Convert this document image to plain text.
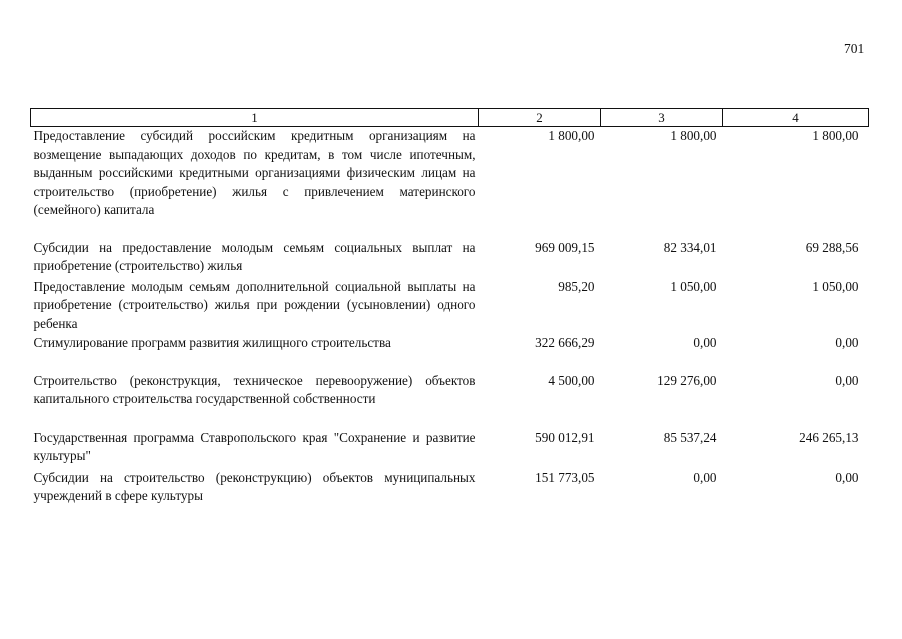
701
1	2	3	4
Предоставление субсидий российским кредитным организациям на возмещение выпадающих доходов по кредитам, в том числе ипотечным, выданным российскими кредитными организациями физическим лицам на строительство (приобретение) жилья с привлечением материнского (семейного) капитала	1 800,00	1 800,00	1 800,00
Субсидии на предоставление молодым семьям социальных выплат на приобретение (строительство) жилья	969 009,15	82 334,01	69 288,56
Предоставление молодым семьям дополнительной социальной выплаты на приобретение (строительство) жилья при рождении (усыновлении) одного ребенка	985,20	1 050,00	1 050,00
Стимулирование программ развития жилищного строительства	322 666,29	0,00	0,00
Строительство (реконструкция, техническое перевооружение) объектов капитального строительства государственной собственности	4 500,00	129 276,00	0,00
Государственная программа Ставропольского края "Сохранение и развитие культуры"	590 012,91	85 537,24	246 265,13
Субсидии на строительство (реконструкцию) объектов муниципальных учреждений в сфере культуры	151 773,05	0,00	0,00
